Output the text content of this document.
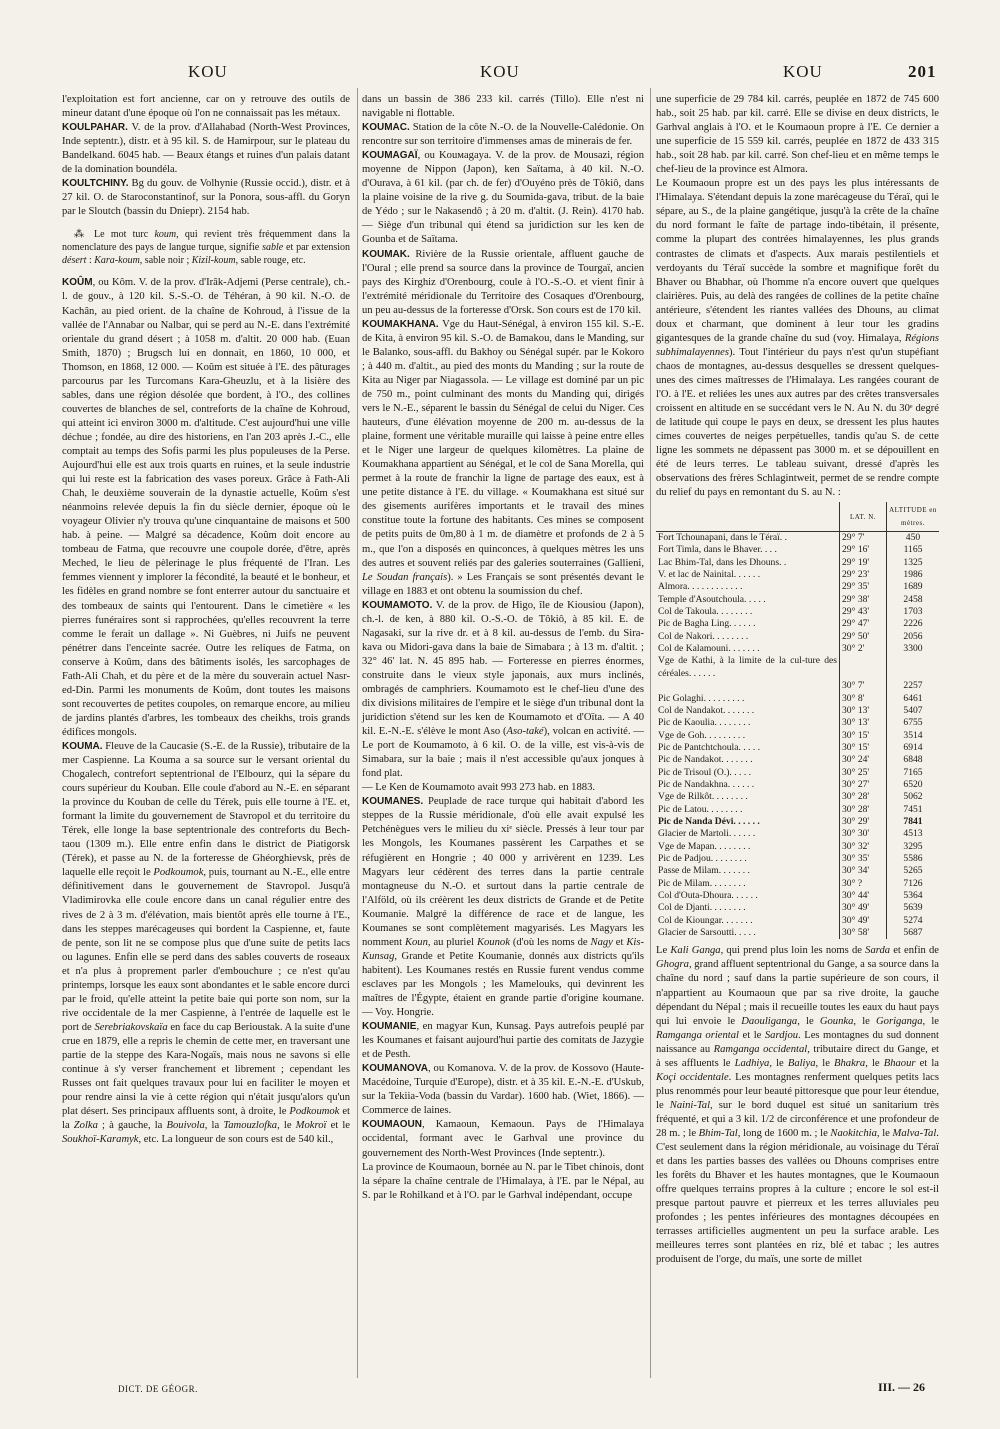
KOU	KOU	KOU	201

l'exploitation est fort ancienne, car on y retrouve des outils de mineur datant d'une époque où l'on ne connaissait pas les métaux.

KOULPAHAR. V. de la prov. d'Allahabad (North-West Provinces, Inde septentr.), distr. et à 95 kil. S. de Hamirpour, sur le plateau du Bandelkand. 6045 hab. — Beaux étangs et ruines d'un palais datant de la domination boundéla.

KOULTCHINY. Bg du gouv. de Volhynie (Russie occid.), distr. et à 27 kil. O. de Staroconstantinof, sur la Ponora, sous-affl. du Goryn par le Sloutch (bassin du Dniepr). 2154 hab.

⁂ Le mot turc koum, qui revient très fréquemment dans la nomenclature des pays de langue turque, signifie sable et par extension désert : Kara-koum, sable noir ; Kizil-koum, sable rouge, etc.

KOÛM, ou Kôm. V. de la prov. d'Irâk-Adjemi (Perse centrale), ch.-l. de gouv., à 120 kil. S.-S.-O. de Téhéran, à 90 kil. N.-O. de Kachân, au pied orient. de la chaîne de Kohroud, à l'issue de la vallée de l'Annabar ou Nalbar, qui se perd au N.-E. dans l'extrémité orientale du grand désert ; à 1058 m. d'altit. 20 000 hab. (Euan Smith, 1870) ; Brugsch lui en donnait, en 1860, 10 000, et Thomson, en 1868, 12 000. — Koûm est située à l'E. des pâturages parcourus par les Turcomans Kara-Gheuzlu, et à la lisière des sables, dans une région désolée que bordent, à l'O., des collines couvertes de blanches de sel, contreforts de la chaîne de Kohroud, qui atteint ici environ 3000 m. d'altitude. C'est aujourd'hui une ville déchue ; fondée, au dire des historiens, en l'an 203 après J.-C., elle comptait au temps des Sofis parmi les plus populeuses de la Perse. Aujourd'hui elle est aux trois quarts en ruines, et la seule industrie qui lui reste est la fabrication des vases poreux. Grâce à Fath-Ali Chah, le deuxième souverain de la dynastie actuelle, Koûm s'est néanmoins relevée depuis la fin du siècle dernier, époque où le voyageur Olivier n'y trouva qu'une cinquantaine de maisons et 500 hab. à peine. — Malgré sa décadence, Koûm doit encore au tombeau de Fatma, que recouvre une coupole dorée, d'être, après Meched, le lieu de pèlerinage le plus fréquenté de l'Iran. Les femmes viennent y implorer la fécondité, la beauté et le bonheur, et les fidèles en grand nombre se font enterrer autour du sanctuaire et des tombeaux de saints qui l'entourent. Dans le cimetière « les pierres funéraires sont si rapprochées, qu'elles recouvrent la terre comme le ferait un dallage ». Ni Guèbres, ni Juifs ne peuvent pénétrer dans l'enceinte sacrée. Outre les reliques de Fatma, on conserve à Koûm, dans des bâtiments isolés, les sarcophages de Fath-Ali Chah, et du père et de la mère du souverain actuel Nasr-ed-Din. Parmi les monuments de Koûm, dont toutes les maisons sont recouvertes de petites coupoles, on remarque encore, au milieu de jardins plantés d'arbres, les tombeaux des cheikhs, trois grands édifices mongols.

KOUMA. Fleuve de la Caucasie (S.-E. de la Russie), tributaire de la mer Caspienne. La Kouma a sa source sur le versant oriental du Chogalech, contrefort septentrional de l'Elbourz, qui la sépare du cours supérieur du Kouban. Elle coule d'abord au N.-E. en séparant la province du Kouban de celle du Térek, puis elle tourne à l'E. et, formant la limite du gouvernement de Stavropol et du territoire du Térek, elle longe la base septentrionale des contreforts du Bech-taou (1309 m.). Elle entre enfin dans le district de Piatigorsk (Térek), et passe au N. de la forteresse de Ghéorghievsk, près de laquelle elle reçoit le Podkoumok, puis, tournant au N.-E., elle entre définitivement dans le gouvernement de Stavropol. Jusqu'à Vladimirovka elle coule encore dans un canal régulier entre des rives de 2 à 3 m. d'élévation, mais bientôt après elle tourne à l'E., dans les steppes marécageuses qui bordent la Caspienne, et, faute de pente, son lit ne se compose plus que d'une suite de petits lacs ou lagunes. Enfin elle se perd dans des sables couverts de roseaux et n'a plus à proprement parler d'embouchure ; ce n'est qu'au printemps, lorsque les eaux sont abondantes et le sable encore durci par le froid, qu'elle atteint la petite baie qui porte son nom, sur la rive occidentale de la mer Caspienne, à l'entrée de laquelle est le port de Serebriakovskaïa en face du cap Berioustak. A la suite d'une crue en 1879, elle a repris le chemin de cette mer, en traversant une partie de la steppe des Kara-Nogaïs, mais nous ne savons si elle continue à s'y verser franchement et librement ; cependant les Russes ont fait quelques travaux pour lui en faciliter le moyen et pour rendre ainsi la vie à cette région qui n'était jusqu'alors qu'un plat désert. Ses principaux affluents sont, à droite, le Podkoumok et la Zolka ; à gauche, la Bouivola, la Tamouzlofka, le Mokroï et le Soukhoï-Karamyk, etc. La longueur de son cours est de 540 kil.,

dans un bassin de 386 233 kil. carrés (Tillo). Elle n'est ni navigable ni flottable.

KOUMAC. Station de la côte N.-O. de la Nouvelle-Calédonie. On rencontre sur son territoire d'immenses amas de minerais de fer.

KOUMAGAÏ, ou Kouмagaya. V. de la prov. de Mousazi, région moyenne de Nippon (Japon), ken Saïtama, à 40 kil. N.-O. d'Ourava, à 61 kil. (par ch. de fer) d'Ouyénо près de Tôkiô, dans la plaine voisine de la rive g. du Soumida-gava, tribut. de la baie de Yédo ; sur le Nakasendô ; à 20 m. d'altit. (J. Rein). 4170 hab. — Siège d'un tribunal qui étend sa juridiction sur les ken de Gounba et de Saïtama.

KOUMAK. Rivière de la Russie orientale, affluent gauche de l'Oural ; elle prend sa source dans la province de Tourgaï, ancien pays des Kirghiz d'Orenbourg, coule à l'O.-S.-O. et vient finir à l'extrémité méridionale du Territoire des Cosaques d'Orenbourg, un peu au-dessus de la forteresse d'Orsk. Son cours est de 170 kil.

KOUMAKHANA. Vge du Haut-Sénégal, à environ 155 kil. S.-E. de Kita, à environ 95 kil. S.-O. de Bamakou, dans le Manding, sur le Balanko, sous-affl. du Bakhoy ou Sénégal supér. par le Kokoro ; à 440 m. d'altit., au pied des monts du Manding ; sur la route de Kita au Niger par Niagassola. — Le village est dominé par un pic de 750 m., point culminant des monts du Manding qui, dirigés vers le N.-E., séparent le bassin du Sénégal de celui du Niger. Ces hauteurs, d'une élévation moyenne de 200 m. au-dessus de la plaine, forment une véritable muraille qui laisse à peine entre elles et le Niger une largeur de quelques kilomètres. La plaine de Koumakhana appartient au Sénégal, et le col de Sana Morella, qui permet à la route de franchir la ligne de partage des eaux, est à une petite distance à l'E. du village. « Koumakhana est situé sur des gisements aurifères importants et le travail des mines constitue toute la fortune des habitants. Ces mines se composent de petits puits de 0m,80 à 1 m. de diamètre et profonds de 2 à 5 m., que l'on a disposés en quinconces, à quelques mètres les uns des autres et souvent reliés par des galeries souterraines (Gallieni, Le Soudan français). » Les Français se sont présentés devant le village en 1883 et ont obtenu la soumission du chef.

KOUMAMOTO. V. de la prov. de Higo, île de Kiousiou (Japon), ch.-l. de ken, à 880 kil. O.-S.-O. de Tôkiô, à 85 kil. E. de Nagasaki, sur la rive dr. et à 8 kil. au-dessus de l'emb. du Sira-kava ou Midori-gava dans la baie de Simabara ; à 13 m. d'altit. ; 32° 46' lat. N. 45 895 hab. — Forteresse en pierres énormes, construite dans le vieux style japonais, aux murs inclinés, ombragés de camphriers. Koumamoto est le chef-lieu d'une des dix divisions militaires de l'empire et le siège d'un tribunal dont la juridiction s'étend sur les ken de Koumamoto et d'Oïta. — A 40 kil. E.-N.-E. s'élève le mont Aso (Aso-také), volcan en activité. — Le port de Koumamoto, à 6 kil. O. de la ville, est vis-à-vis de Simabara, sur la baie ; mais il n'est accessible qu'aux jonques à fond plat.

— Le Ken de Koumamoto avait 993 273 hab. en 1883.

KOUMANES. Peuplade de race turque qui habitait d'abord les steppes de la Russie méridionale, d'où elle avait expulsé les Petchénègues vers le milieu du xiᵉ siècle. Pressés à leur tour par les Mongols, les Koumanes passèrent les Carpathes et se réfugièrent en Hongrie ; 40 000 y arrivèrent en 1239. Les Magyars leur cédèrent des terres dans la partie centrale montagneuse du N.-O. et surtout dans la partie centrale de l'Alföld, où ils créèrent les deux districts de Grande et de Petite Koumanie. Malgré la différence de race et de langue, les Koumanes se sont complètement magyarisés. Les Magyars les nomment Koun, au pluriel Kounok (d'où les noms de Nagy et Kis-Kunsag, Grande et Petite Koumanie, donnés aux districts qu'ils habitent). Les Koumanes restés en Russie furent vendus comme esclaves par les Mongols ; les Mamelouks, qui devinrent les maîtres de l'Égypte, étaient en grande partie d'origine koumane. — Voy. Hongrie.

KOUMANIE, en magyar Kun, Kunsag. Pays autrefois peuplé par les Koumanes et faisant aujourd'hui partie des comitats de Jazygie et de Pesth.

KOUMANOVA, ou Komanova. V. de la prov. de Kossovo (Haute-Macédoine, Turquie d'Europe), distr. et à 35 kil. E.-N.-E. d'Uskub, sur la Tekiia-Voda (bassin du Vardar). 1600 hab. (Wiet, 1866). — Commerce de laines.

KOUMAOUN, Kamaoun, Kemaoun. Pays de l'Himalaya occidental, formant avec le Garhval une province du gouvernement des North-West Provinces (Inde septentr.).

La province de Koumaoun, bornée au N. par le Tibet chinois, dont la sépare la chaîne centrale de l'Himalaya, à l'E. par le Népal, au S. par le Rohilkand et à l'O. par le Garhval indépendant, occupe

une superficie de 29 784 kil. carrés, peuplée en 1872 de 745 600 hab., soit 25 hab. par kil. carré. Elle se divise en deux districts, le Garhval anglais à l'O. et le Koumaoun propre à l'E. Ce dernier a une superficie de 15 559 kil. carrés, peuplée en 1872 de 433 315 hab., soit 28 hab. par kil. carré. Son chef-lieu et en même temps le chef-lieu de la province est Almora.

Le Koumaoun propre est un des pays les plus intéressants de l'Himalaya. S'étendant depuis la zone marécageuse du Téraï, qui le sépare, au S., de la plaine gangétique, jusqu'à la crête de la chaîne du nord formant le faîte de partage indo-tibétain, il présente, comme la plupart des contrées himalayennes, les plus grands contrastes de climats et d'aspects. Aux marais pestilentiels et verdoyants du Téraï succède la sombre et magnifique forêt du Bhaver ou Bhabhar, où l'homme n'a encore ouvert que quelques clairières. Puis, au delà des rangées de collines de la petite chaîne antérieure, s'étendent les riantes vallées des Dhouns, au climat doux et charmant, que dominent à leur tour les gradins gigantesques de la grande chaîne du sud (voy. Himalaya, Régions subhimalayennes). Tout l'intérieur du pays n'est qu'un stupéfiant chaos de montagnes, au-dessus desquelles se dressent quelques-unes des cimes maîtresses de l'Himalaya. Les rangées courant de l'O. à l'E. et reliées les unes aux autres par des crêtes transversales croissent en altitude en se succédant vers le N. Au N. du 30ᵉ degré de latitude qui coupe le pays en deux, se dressent les plus hautes cimes couvertes de neiges perpétuelles, tandis qu'au S. de cette ligne les sommets ne dépassent pas 3000 m. et se dépouillent en été de leurs terres. Le tableau suivant, dressé d'après les observations des frères Schlagintweit, permet de se rendre compte du relief du pays en remontant du S. au N. :

	LAT. N.	ALTITUDE en mètres.
Fort Tchounapani, dans le Téraï. .	29° 7'	450
Fort Timla, dans le Bhaver. . . .	29° 16'	1165
Lac Bhim-Tal, dans les Dhouns. .	29° 19'	1325
V. et lac de Nainital. . . . . .	29° 23'	1986
Almora. . . . . . . . . . . .	29° 35'	1689
Temple d'Asoutchoula. . . . .	29° 38'	2458
Col de Takoula. . . . . . . .	29° 43'	1703
Pic de Bagha Ling. . . . . .	29° 47'	2226
Col de Nakori. . . . . . . .	29° 50'	2056
Col de Kalamouni. . . . . . .	30° 2'	3300
Vge de Kathi, à la limite de la cul-ture des céréales. . . . . .		
	30° 7'	2257
Pic Golaghi. . . . . . . . .	30° 8'	6461
Col de Nandakot. . . . . . .	30° 13'	5407
Pic de Kaoulia. . . . . . . .	30° 13'	6755
Vge de Goh. . . . . . . . .	30° 15'	3514
Pic de Pantchtchoula. . . . .	30° 15'	6914
Pic de Nandakot. . . . . . .	30° 24'	6848
Pic de Trisoul (O.). . . . .	30° 25'	7165
Pic de Nandakhna. . . . . .	30° 27'	6520
Vge de Rilkôt. . . . . . . .	30° 28'	5062
Pic de Latou. . . . . . . .	30° 28'	7451
Pic de Nanda Dévi. . . . . .	30° 29'	7841
Glacier de Martoli. . . . . .	30° 30'	4513
Vge de Mapan. . . . . . . .	30° 32'	3295
Pic de Padjou. . . . . . . .	30° 35'	5586
Passe de Milam. . . . . . .	30° 34'	5265
Pic de Milam. . . . . . . .	30° ?	7126
Col d'Outa-Dhoura. . . . . .	30° 44'	5364
Col de Djanti. . . . . . . .	30° 49'	5639
Col de Kioungar. . . . . . .	30° 49'	5274
Glacier de Sarsoutti. . . . .	30° 58'	5687

Le Kali Ganga, qui prend plus loin les noms de Sarda et enfin de Ghogra, grand affluent septentrional du Gange, a sa source dans la chaîne du nord ; sauf dans la partie supérieure de son cours, il n'appartient au Koumaoun que par sa rive droite, la gauche dépendant du Népal ; mais il recueille toutes les eaux du haut pays qui lui envoie le Daouliganga, le Gounka, le Goriganga, le Ramganga oriental et le Sardjou. Les montagnes du sud donnent naissance au Ramganga occidental, tributaire direct du Gange, et à ses affluents le Ladhiya, le Baliya, le Bhakra, le Bhaour et la Koçi occidentale. Les montagnes renferment quelques petits lacs plus renommés pour leur beauté pittoresque que pour leur étendue, le Naini-Tal, sur le bord duquel est situé un sanitarium très fréquenté, et qui a 3 kil. 1/2 de circonférence et une profondeur de 28 m. ; le Bhim-Tal, long de 1600 m. ; le Naokitchia, le Malva-Tal.

C'est seulement dans la région méridionale, au voisinage du Téraï et dans les parties basses des vallées ou Dhouns comprises entre les forêts du Bhaver et les hautes montagnes, que le Koumaoun offre quelques terrains propres à la culture ; encore le sol est-il presque partout pauvre et pierreux et les terres alluviales peu profondes ; les pentes inférieures des montagnes découpées en terrasses artificielles augmentent un peu la surface arable. Les meilleures terres sont plantées en riz, blé et tabac ; les autres produisent de l'orge, du maïs, une sorte de millet

DICT. DE GÉOGR.	III. — 26
